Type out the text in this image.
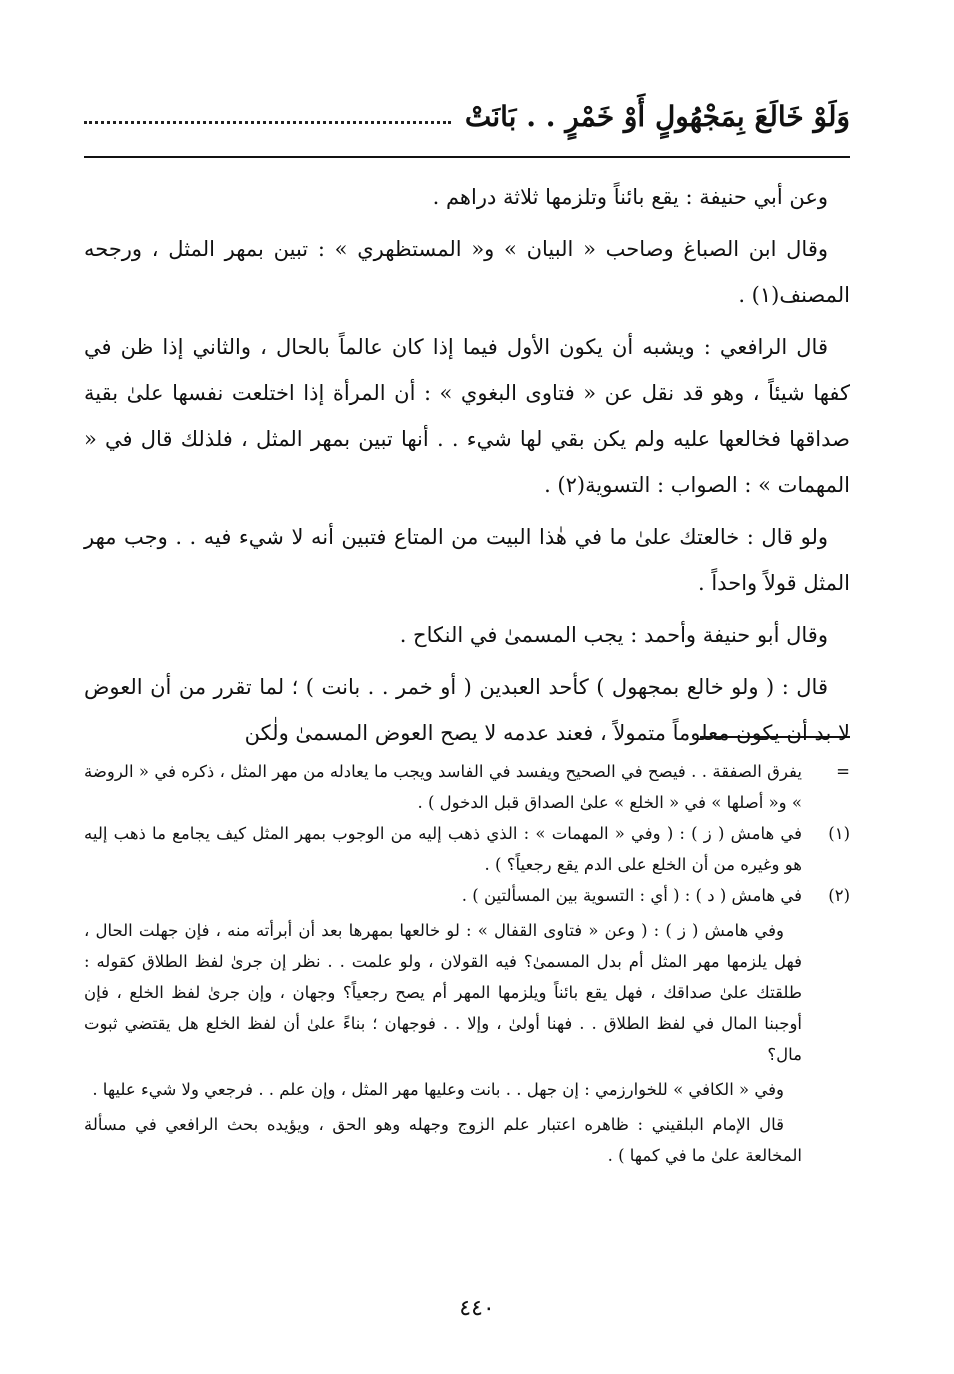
وَلَوْ خَالَعَ بِمَجْهُولٍ أَوْ خَمْرٍ . . بَانَتْ

وعن أبي حنيفة : يقع بائناً وتلزمها ثلاثة دراهم .

وقال ابن الصباغ وصاحب « البيان » و« المستظهري » : تبين بمهر المثل ، ورجحه المصنف(١) .

قال الرافعي : ويشبه أن يكون الأول فيما إذا كان عالماً بالحال ، والثاني إذا ظن في كفها شيئاً ، وهو قد نقل عن « فتاوى البغوي » : أن المرأة إذا اختلعت نفسها علىٰ بقية صداقها فخالعها عليه ولم يكن بقي لها شيء . . أنها تبين بمهر المثل ، فلذلك قال في « المهمات » : الصواب : التسوية(٢) .

ولو قال : خالعتك علىٰ ما في هٰذا البيت من المتاع فتبين أنه لا شيء فيه . . وجب مهر المثل قولاً واحداً .

وقال أبو حنيفة وأحمد : يجب المسمىٰ في النكاح .

قال : ( ولو خالع بمجهول ) كأحد العبدين ( أو خمر . . بانت ) ؛ لما تقرر من أن العوض لا بد أن يكون معلوماً متمولاً ، فعند عدمه لا يصح العوض المسمىٰ ولٰكن

=
يفرق الصفقة . . فيصح في الصحيح ويفسد في الفاسد ويجب ما يعادله من مهر المثل ، ذكره في « الروضة » و« أصلها » في « الخلع » علىٰ الصداق قبل الدخول ) .
(١)
في هامش ( ز ) : ( وفي « المهمات » : الذي ذهب إليه من الوجوب بمهر المثل كيف يجامع ما ذهب إليه هو وغيره من أن الخلع على الدم يقع رجعياً؟ ) .
(٢)
في هامش ( د ) : ( أي : التسوية بين المسألتين ) .
وفي هامش ( ز ) : ( وعن « فتاوى القفال » : لو خالعها بمهرها بعد أن أبرأته منه ، فإن جهلت الحال ، فهل يلزمها مهر المثل أم بدل المسمىٰ؟ فيه القولان ، ولو علمت . . نظر إن جرىٰ لفظ الطلاق كقوله : طلقتك علىٰ صداقك ، فهل يقع بائناً ويلزمها المهر أم يصح رجعياً؟ وجهان ، وإن جرىٰ لفظ الخلع ، فإن أوجبنا المال في لفظ الطلاق . . فهنا أولىٰ ، وإلا . . فوجهان ؛ بناءً علىٰ أن لفظ الخلع هل يقتضي ثبوت مال؟
وفي « الكافي » للخوارزمي : إن جهل . . بانت وعليها مهر المثل ، وإن علم . . فرجعي ولا شيء عليها .
قال الإمام البلقيني : ظاهره اعتبار علم الزوج وجهله وهو الحق ، ويؤيده بحث الرافعي في مسألة المخالعة علىٰ ما في كمها ) .
٤٤٠
